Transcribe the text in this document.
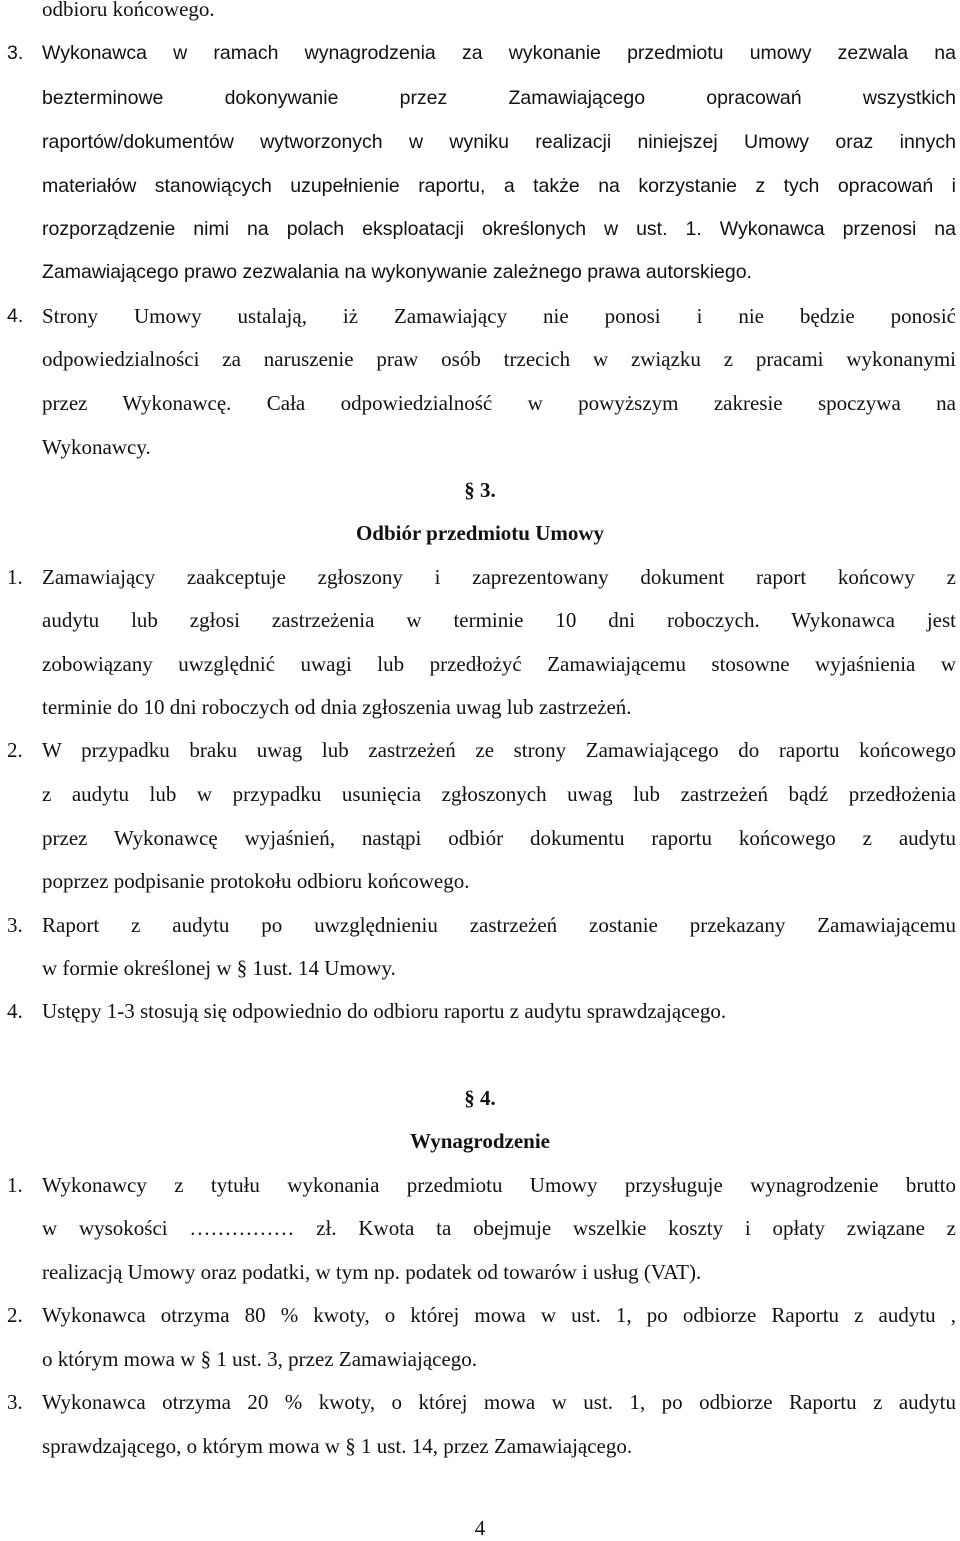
odbioru końcowego.
3. Wykonawca w ramach wynagrodzenia za wykonanie przedmiotu umowy zezwala na
bezterminowe dokonywanie przez Zamawiającego opracowań wszystkich
raportów/dokumentów wytworzonych w wyniku realizacji niniejszej Umowy oraz innych
materiałów stanowiących uzupełnienie raportu, a także na korzystanie z tych opracowań i
rozporządzenie nimi na polach eksploatacji określonych w ust. 1. Wykonawca przenosi na
Zamawiającego prawo zezwalania na wykonywanie zależnego prawa autorskiego.
4. Strony Umowy ustalają, iż Zamawiający nie ponosi i nie będzie ponosić
odpowiedzialności za naruszenie praw osób trzecich w związku z pracami wykonanymi
przez Wykonawcę. Cała odpowiedzialność w powyższym zakresie spoczywa na
Wykonawcy.
§ 3.
Odbiór przedmiotu Umowy
1. Zamawiający zaakceptuje zgłoszony i zaprezentowany dokument raport końcowy z
audytu lub zgłosi zastrzeżenia w terminie 10 dni roboczych. Wykonawca jest
zobowiązany uwzględnić uwagi lub przedłożyć Zamawiającemu stosowne wyjaśnienia w
terminie do 10 dni roboczych od dnia zgłoszenia uwag lub zastrzeżeń.
2. W przypadku braku uwag lub zastrzeżeń ze strony Zamawiającego do raportu końcowego
z audytu lub w przypadku usunięcia zgłoszonych uwag lub zastrzeżeń bądź przedłożenia
przez Wykonawcę wyjaśnień, nastąpi odbiór dokumentu raportu końcowego z audytu
poprzez podpisanie protokołu odbioru końcowego.
3. Raport z audytu po uwzględnieniu zastrzeżeń zostanie przekazany Zamawiającemu
w formie określonej w § 1ust. 14 Umowy.
4. Ustępy 1-3 stosują się odpowiednio do odbioru raportu z audytu sprawdzającego.
§ 4.
Wynagrodzenie
1. Wykonawcy z tytułu wykonania przedmiotu Umowy przysługuje wynagrodzenie brutto
w wysokości …………… zł. Kwota ta obejmuje wszelkie koszty i opłaty związane z
realizacją Umowy oraz podatki, w tym np. podatek od towarów i usług (VAT).
2. Wykonawca otrzyma 80 % kwoty, o której mowa w ust. 1, po odbiorze Raportu z audytu ,
o którym mowa w § 1 ust. 3, przez Zamawiającego.
3. Wykonawca otrzyma 20 % kwoty, o której mowa w ust. 1, po odbiorze Raportu z audytu
sprawdzającego, o którym mowa w § 1 ust. 14, przez Zamawiającego.
4
